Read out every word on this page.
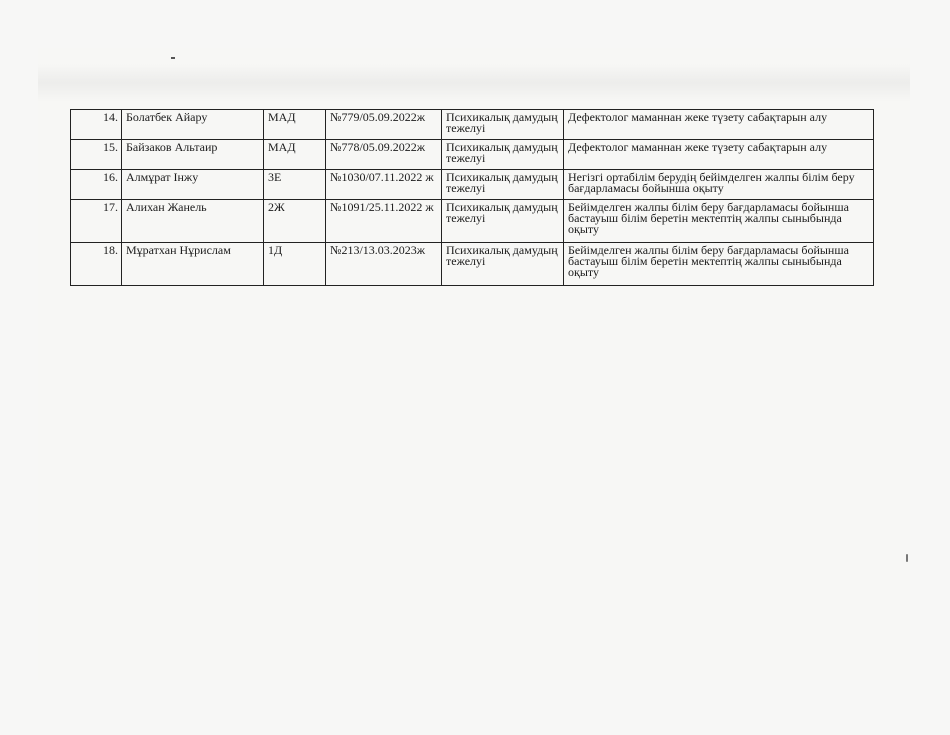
14.	Болатбек Айару	МАД	№779/05.09.2022ж	Психикалық дамудың тежелуі	Дефектолог маманнан жеке түзету сабақтарын алу
15.	Байзаков Альтаир	МАД	№778/05.09.2022ж	Психикалық дамудың тежелуі	Дефектолог маманнан жеке түзету сабақтарын алу
16.	Алмұрат Інжу	3Е	№1030/07.11.2022 ж	Психикалық дамудың тежелуі	Негізгі ортабілім берудің бейімделген жалпы білім беру бағдарламасы бойынша оқыту
17.	Алихан Жанель	2Ж	№1091/25.11.2022 ж	Психикалық дамудың тежелуі	Бейімделген жалпы білім беру бағдарламасы бойынша бастауыш білім беретін мектептің жалпы сыныбында оқыту
18.	Мұратхан Нұрислам	1Д	№213/13.03.2023ж	Психикалық дамудың тежелуі	Бейімделген жалпы білім беру бағдарламасы бойынша бастауыш білім беретін мектептің жалпы сыныбында оқыту
